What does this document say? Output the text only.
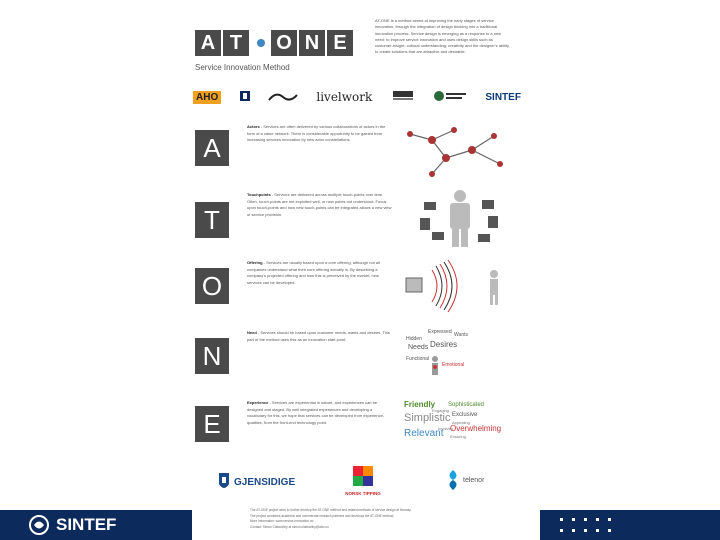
A T	O N E
Service Innovation Method
AT-ONE is a method aimed at improving the early stages of service innovation, through the integration of design thinking into a traditional innovation process. Service design is emerging as a response to a new need: to improve service innovation and uses design skills such as customer-insight, cultural understanding, creativity and the designer's ability to create solutions that are attractive and desirable.
AHO	livelwork	SINTEF
A
Actors - Services are often delivered by various collaborations of actors in the form of a value network. There is considerable opportunity to be gained from increasing services innovation by new actor constellations.
T
Touchpoints - Services are delivered across multiple touch-points over time. Often, touch-points are not exploited well, or new points not understood. Focus upon touch-points and how new touch-points can be integrated allows a new view of service provision.
O
Offering - Services are usually based upon a core offering, although not all companies understand what their core offering actually is. By describing a company's projected offering and how this is perceived by the market, new services can be developed.
N
Need - Services should be based upon customer needs, wants and desires. This part of the method uses this as an innovation start point.	Hidden
Expressed
Needs Desires
Wants
Functional
Emotional
E
Experience - Services are experiential in nature, and experiences can be designed and staged. By well integrated experiences and developing a vocabulary for this, we hope that services can be developed from experience-qualities, from the front-end technology point.
Friendly
Simplistic
Relevant
Sophisticated
Exclusive
Overwhelming
Appealing
Engaging
Involved
Ensuring
GJENSIDIGE
NORSK TIPPING
telenor
The AT-ONE project aims to further develop the AT-ONE method and related methods of service design at Norway.
The project combines academic and commercial research partners and develops the AT-ONE method.
More information: www.service-innovation.no
Contact: Simon Clatworthy at simon.clatworthy@aho.no
SINTEF
